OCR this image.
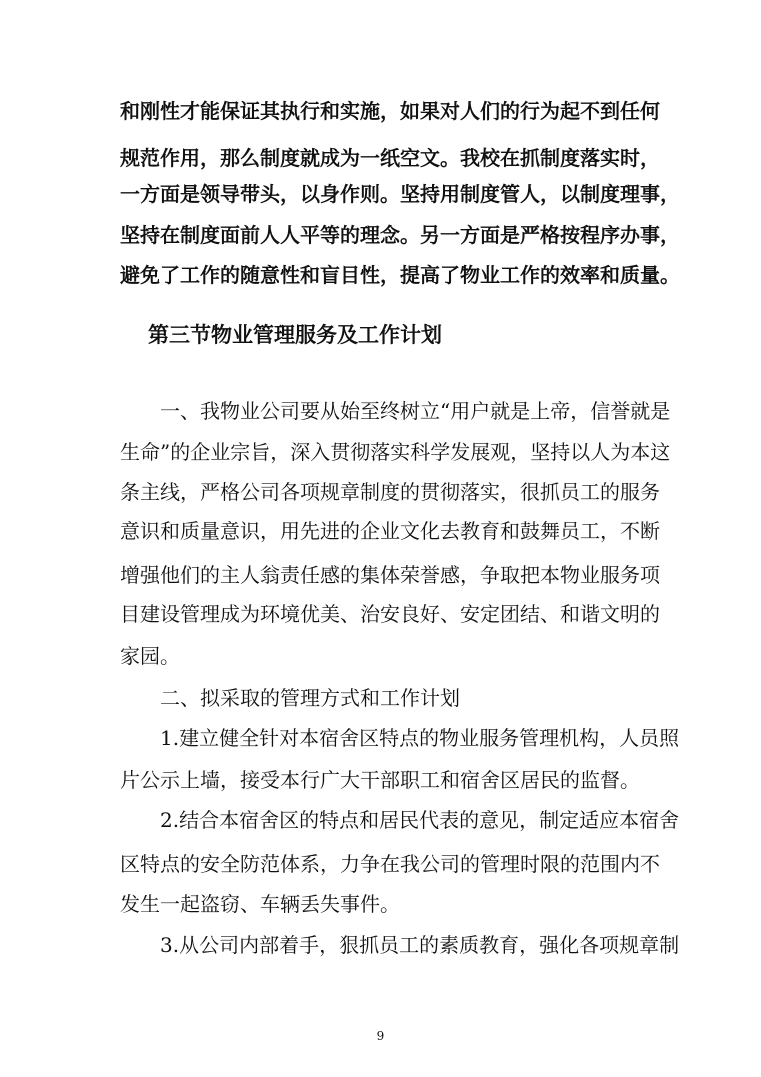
和刚性才能保证其执行和实施，如果对人们的行为起不到任何
规范作用，那么制度就成为一纸空文。我校在抓制度落实时，
一方面是领导带头，以身作则。坚持用制度管人，以制度理事，
坚持在制度面前人人平等的理念。另一方面是严格按程序办事，
避免了工作的随意性和盲目性，提高了物业工作的效率和质量。
第三节物业管理服务及工作计划
一、我物业公司要从始至终树立“用户就是上帝，信誉就是
生命”的企业宗旨，深入贯彻落实科学发展观，坚持以人为本这
条主线，严格公司各项规章制度的贯彻落实，很抓员工的服务
意识和质量意识，用先进的企业文化去教育和鼓舞员工，不断
增强他们的主人翁责任感的集体荣誉感，争取把本物业服务项
目建设管理成为环境优美、治安良好、安定团结、和谐文明的
家园。
二、拟采取的管理方式和工作计划
1.建立健全针对本宿舍区特点的物业服务管理机构，人员照
片公示上墙，接受本行广大干部职工和宿舍区居民的监督。
2.结合本宿舍区的特点和居民代表的意见，制定适应本宿舍
区特点的安全防范体系，力争在我公司的管理时限的范围内不
发生一起盗窃、车辆丢失事件。
3.从公司内部着手，狠抓员工的素质教育，强化各项规章制
9
